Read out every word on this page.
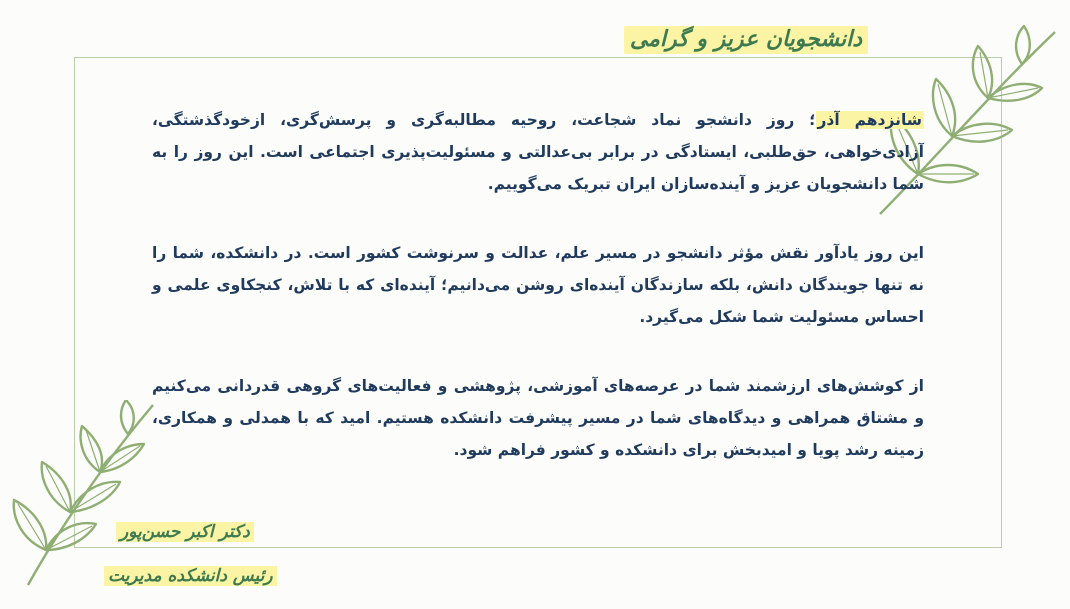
دانشجویان عزیز و گرامی

شانزدهم آذر؛ روز دانشجو نماد شجاعت، روحیه مطالبه‌گری و پرسش‌گری، ازخودگذشتگی، آزادی‌خواهی، حق‌طلبی، ایستادگی در برابر بی‌عدالتی و مسئولیت‌پذیری اجتماعی است. این روز را به شما دانشجویان عزیز و آینده‌سازان ایران تبریک می‌گوییم.

این روز یادآور نقش مؤثر دانشجو در مسیر علم، عدالت و سرنوشت کشور است. در دانشکده، شما را نه تنها جویندگان دانش، بلکه سازندگان آینده‌ای روشن می‌دانیم؛ آینده‌ای که با تلاش، کنجکاوی علمی و احساس مسئولیت شما شکل می‌گیرد.

از کوشش‌های ارزشمند شما در عرصه‌های آموزشی، پژوهشی و فعالیت‌های گروهی قدردانی می‌کنیم و مشتاق همراهی و دیدگاه‌های شما در مسیر پیشرفت دانشکده هستیم. امید که با همدلی و همکاری، زمینه رشد پویا و امیدبخش برای دانشکده و کشور فراهم شود.

دکتر اکبر حسن‌پور
رئیس دانشکده مدیریت
